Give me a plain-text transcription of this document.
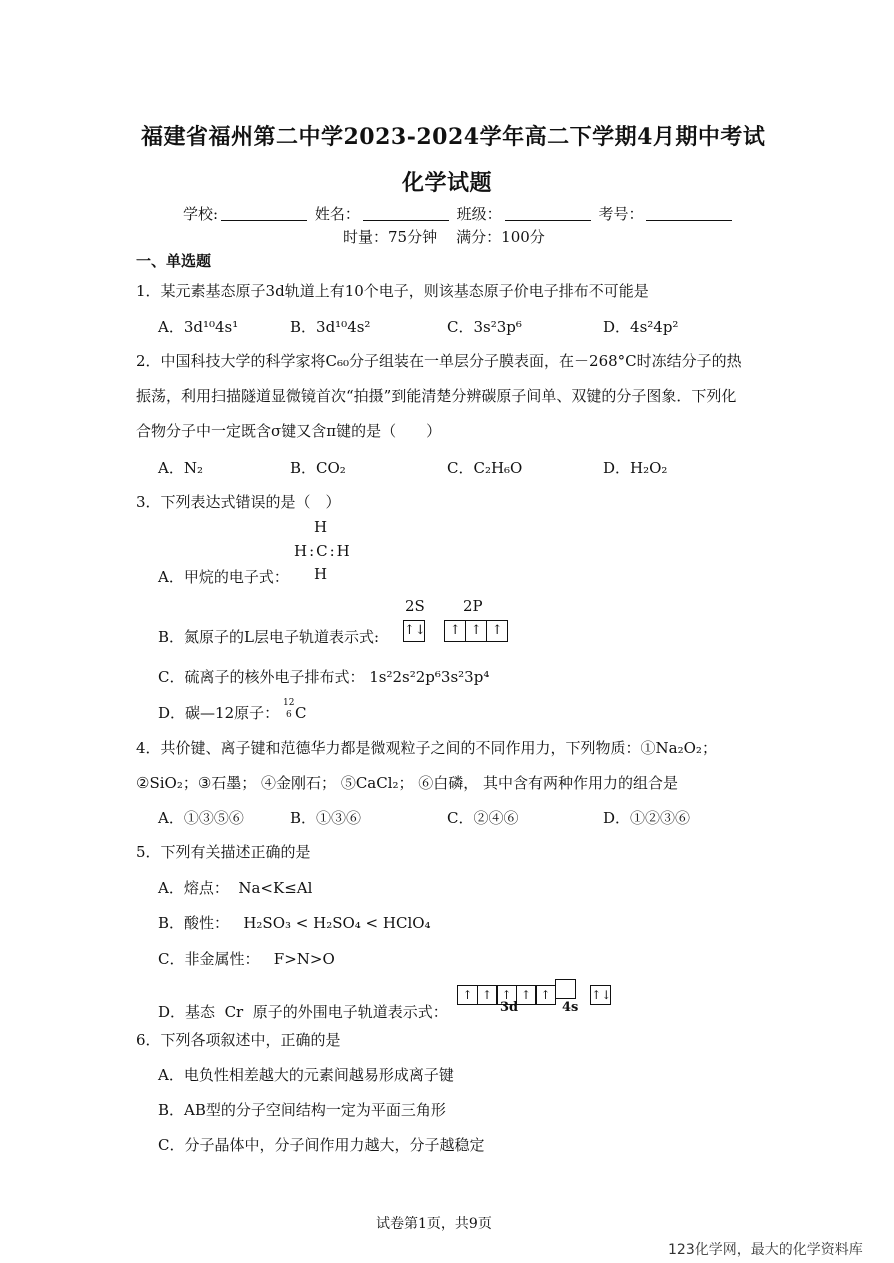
福建省福州第二中学2023-2024学年高二下学期4月期中考试
化学试题
学校:	姓名：	班级：	考号：
时量：75分钟    满分：100分
一、单选题
1．某元素基态原子3d轨道上有10个电子，则该基态原子价电子排布不可能是
A．3d¹⁰4s¹	B．3d¹⁰4s²	C．3s²3p⁶	D．4s²4p²
2．中国科技大学的科学家将C₆₀分子组装在一单层分子膜表面，在－268°C时冻结分子的热
振荡，利用扫描隧道显微镜首次“拍摄”到能清楚分辨碳原子间单、双键的分子图象．下列化
合物分子中一定既含σ键又含π键的是（　　）
A．N₂	B．CO₂	C．C₂H₆O	D．H₂O₂
3．下列表达式错误的是（　）
H
H:C:H
H
A．甲烷的电子式：
2S	2P
B．氮原子的L层电子轨道表示式: ↑↓ ↑ ↑ ↑
C．硫离子的核外电子排布式： 1s²2s²2p⁶3s²3p⁴
D．碳—12原子：
12
6 C
4．共价键、离子键和范德华力都是微观粒子之间的不同作用力，下列物质：①Na₂O₂；
②SiO₂；③石墨； ④金刚石； ⑤CaCl₂； ⑥白磷， 其中含有两种作用力的组合是
A．①③⑤⑥	B．①③⑥	C．②④⑥	D．①②③⑥
5．下列有关描述正确的是
A．熔点：  Na<K≤Al
B．酸性：   H₂SO₃ < H₂SO₄ < HClO₄
C．非金属性：   F>N>O
D．基态  Cr  原子的外围电子轨道表示式：
↑ ↑ ↑ ↑ ↑	↑↓
3d	4s
6．下列各项叙述中，正确的是
A．电负性相差越大的元素间越易形成离子键
B．AB型的分子空间结构一定为平面三角形
C．分子晶体中，分子间作用力越大，分子越稳定
试卷第1页，共9页
123化学网，最大的化学资料库
